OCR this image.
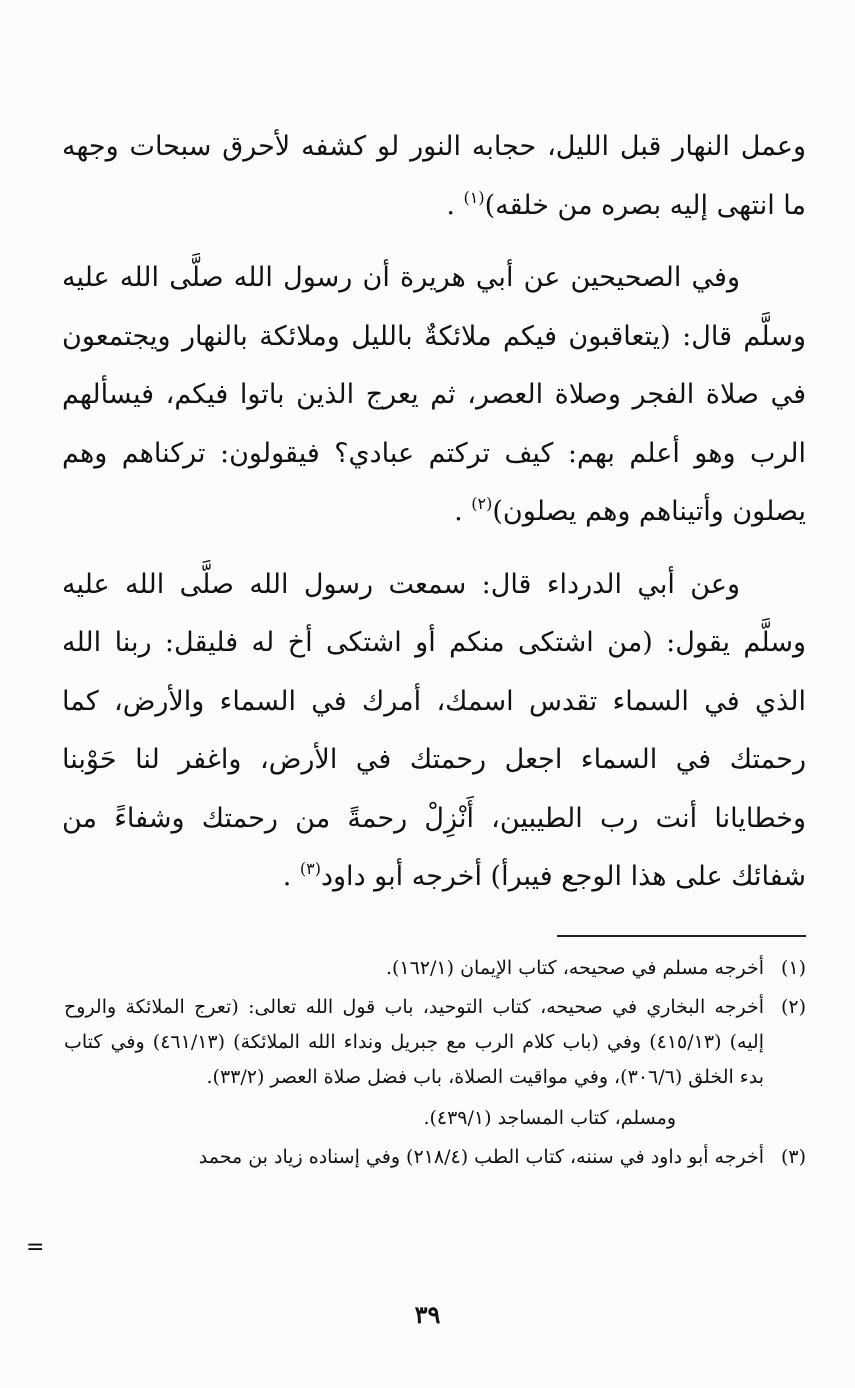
وعمل النهار قبل الليل، حجابه النور لو كشفه لأحرق سبحات وجهه ما انتهى إليه بصره من خلقه)$^{(١)}$ .

وفي الصحيحين عن أبي هريرة أن رسول الله صلَّى الله عليه وسلَّم قال: (يتعاقبون فيكم ملائكةٌ بالليل وملائكة بالنهار ويجتمعون في صلاة الفجر وصلاة العصر، ثم يعرج الذين باتوا فيكم، فيسألهم الرب وهو أعلم بهم: كيف تركتم عبادي؟ فيقولون: تركناهم وهم يصلون وأتيناهم وهم يصلون)$^{(٢)}$ .

وعن أبي الدرداء قال: سمعت رسول الله صلَّى الله عليه وسلَّم يقول: (من اشتكى منكم أو اشتكى أخ له فليقل: ربنا الله الذي في السماء تقدس اسمك، أمرك في السماء والأرض، كما رحمتك في السماء اجعل رحمتك في الأرض، واغفر لنا حَوْبنا وخطايانا أنت رب الطيبين، أَنْزِلْ رحمةً من رحمتك وشفاءً من شفائك على هذا الوجع فيبرأ) أخرجه أبو داود$^{(٣)}$ .

(١)
أخرجه مسلم في صحيحه، كتاب الإيمان (١٦٢/١).
(٢)
أخرجه البخاري في صحيحه، كتاب التوحيد، باب قول الله تعالى: (تعرج الملائكة والروح إليه) (٤١٥/١٣) وفي (باب كلام الرب مع جبريل ونداء الله الملائكة) (٤٦١/١٣) وفي كتاب بدء الخلق (٣٠٦/٦)، وفي مواقيت الصلاة، باب فضل صلاة العصر (٣٣/٢).
ومسلم، كتاب المساجد (٤٣٩/١).
(٣)
أخرجه أبو داود في سننه، كتاب الطب (٢١٨/٤) وفي إسناده زياد بن محمد
=
٣٩
